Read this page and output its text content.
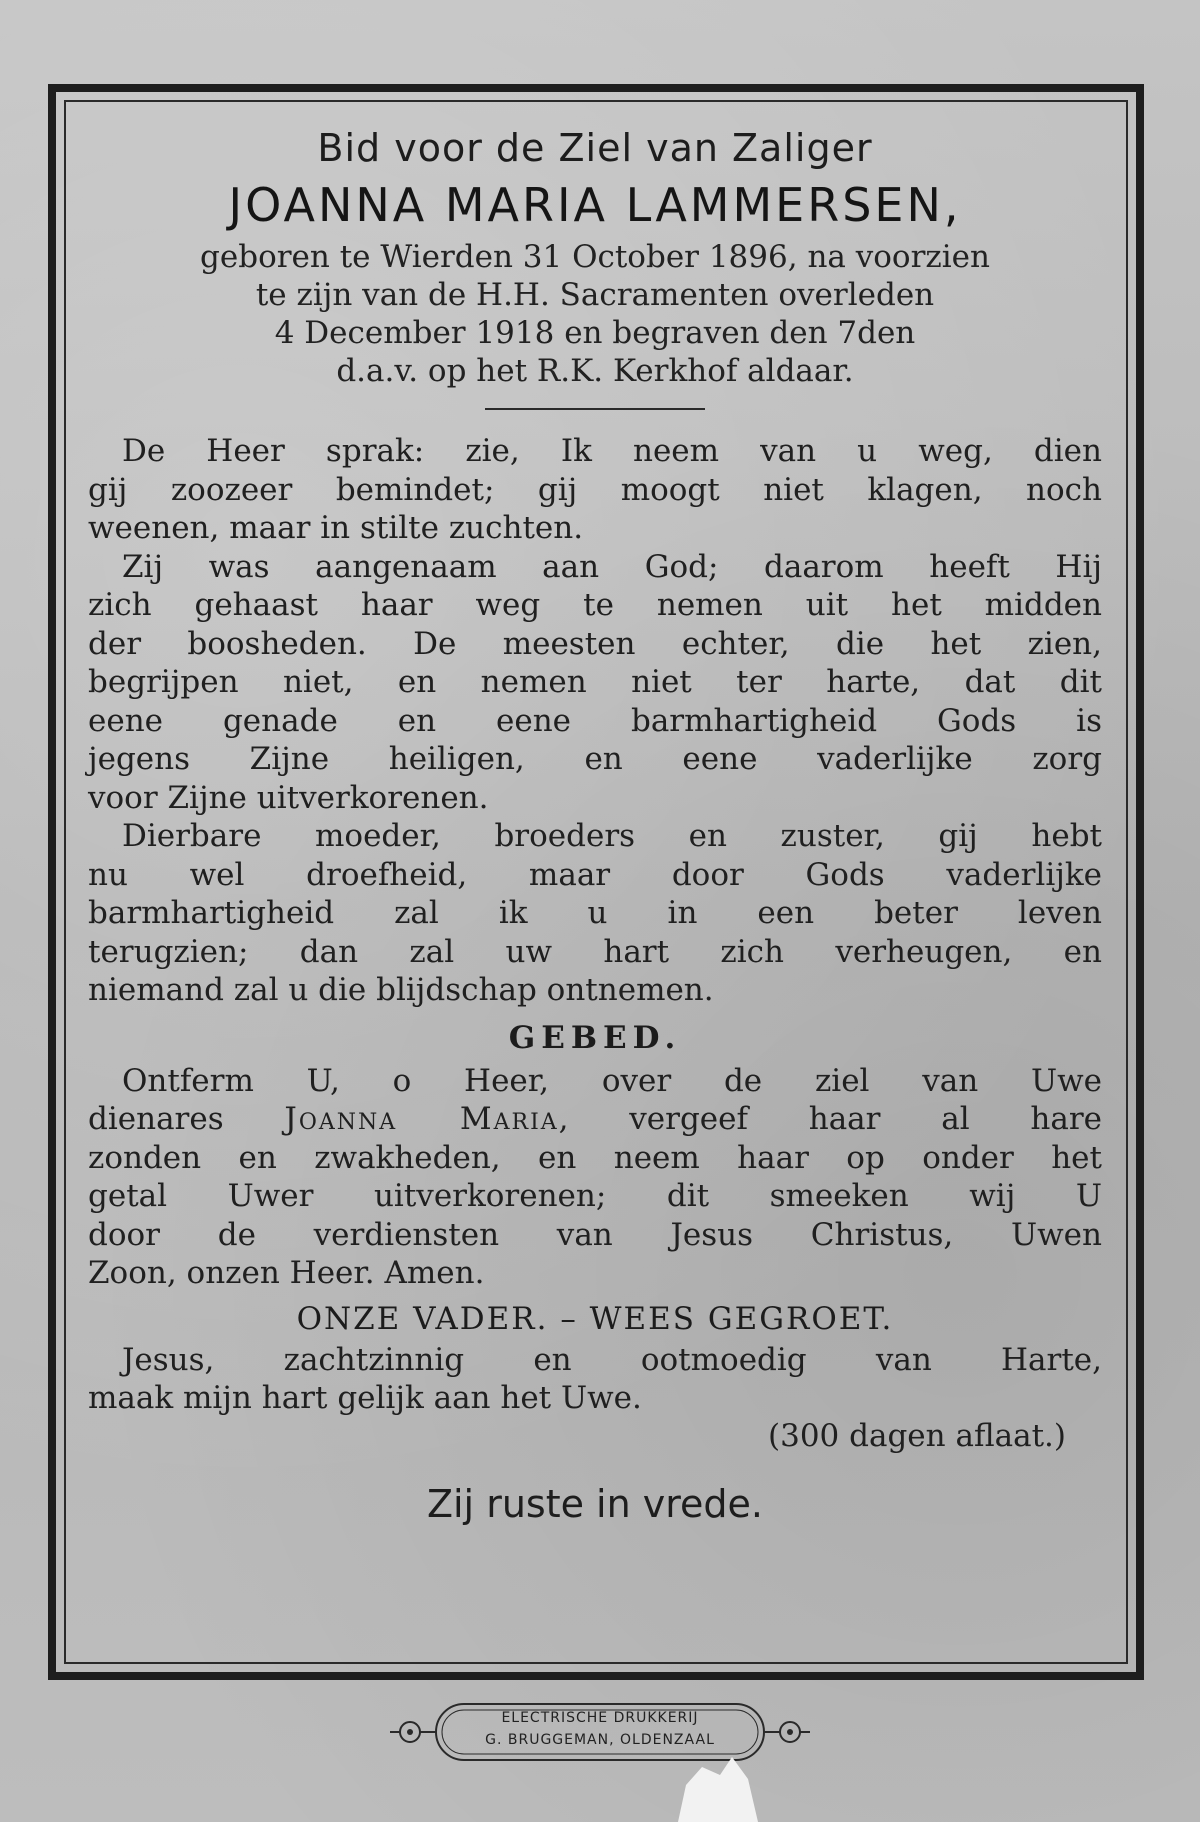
Bid voor de Ziel van Zaliger
JOANNA MARIA LAMMERSEN,

geboren te Wierden 31 October 1896, na voorzien

te zijn van de H.H. Sacramenten overleden

4 December 1918 en begraven den 7den

d.a.v. op het R.K. Kerkhof aldaar.

De Heer sprak: zie, Ik neem van u weg, dien
gij zoozeer bemindet; gij moogt niet klagen, noch
weenen, maar in stilte zuchten.
Zij was aangenaam aan God; daarom heeft Hij
zich gehaast haar weg te nemen uit het midden
der boosheden. De meesten echter, die het zien,
begrijpen niet, en nemen niet ter harte, dat dit
eene genade en eene barmhartigheid Gods is
jegens Zijne heiligen, en eene vaderlijke zorg
voor Zijne uitverkorenen.
Dierbare moeder, broeders en zuster, gij hebt
nu wel droefheid, maar door Gods vaderlijke
barmhartigheid zal ik u in een beter leven
terugzien; dan zal uw hart zich verheugen, en
niemand zal u die blijdschap ontnemen.
GEBED.
Ontferm U, o Heer, over de ziel van Uwe
dienares Joanna Maria, vergeef haar al hare
zonden en zwakheden, en neem haar op onder het
getal Uwer uitverkorenen; dit smeeken wij U
door de verdiensten van Jesus Christus, Uwen
Zoon, onzen Heer. Amen.
ONZE VADER. – WEES GEGROET.
Jesus, zachtzinnig en ootmoedig van Harte,
maak mijn hart gelijk aan het Uwe.
(300 dagen aflaat.)
Zij ruste in vrede.
ELECTRISCHE DRUKKERIJ
G. BRUGGEMAN, OLDENZAAL
